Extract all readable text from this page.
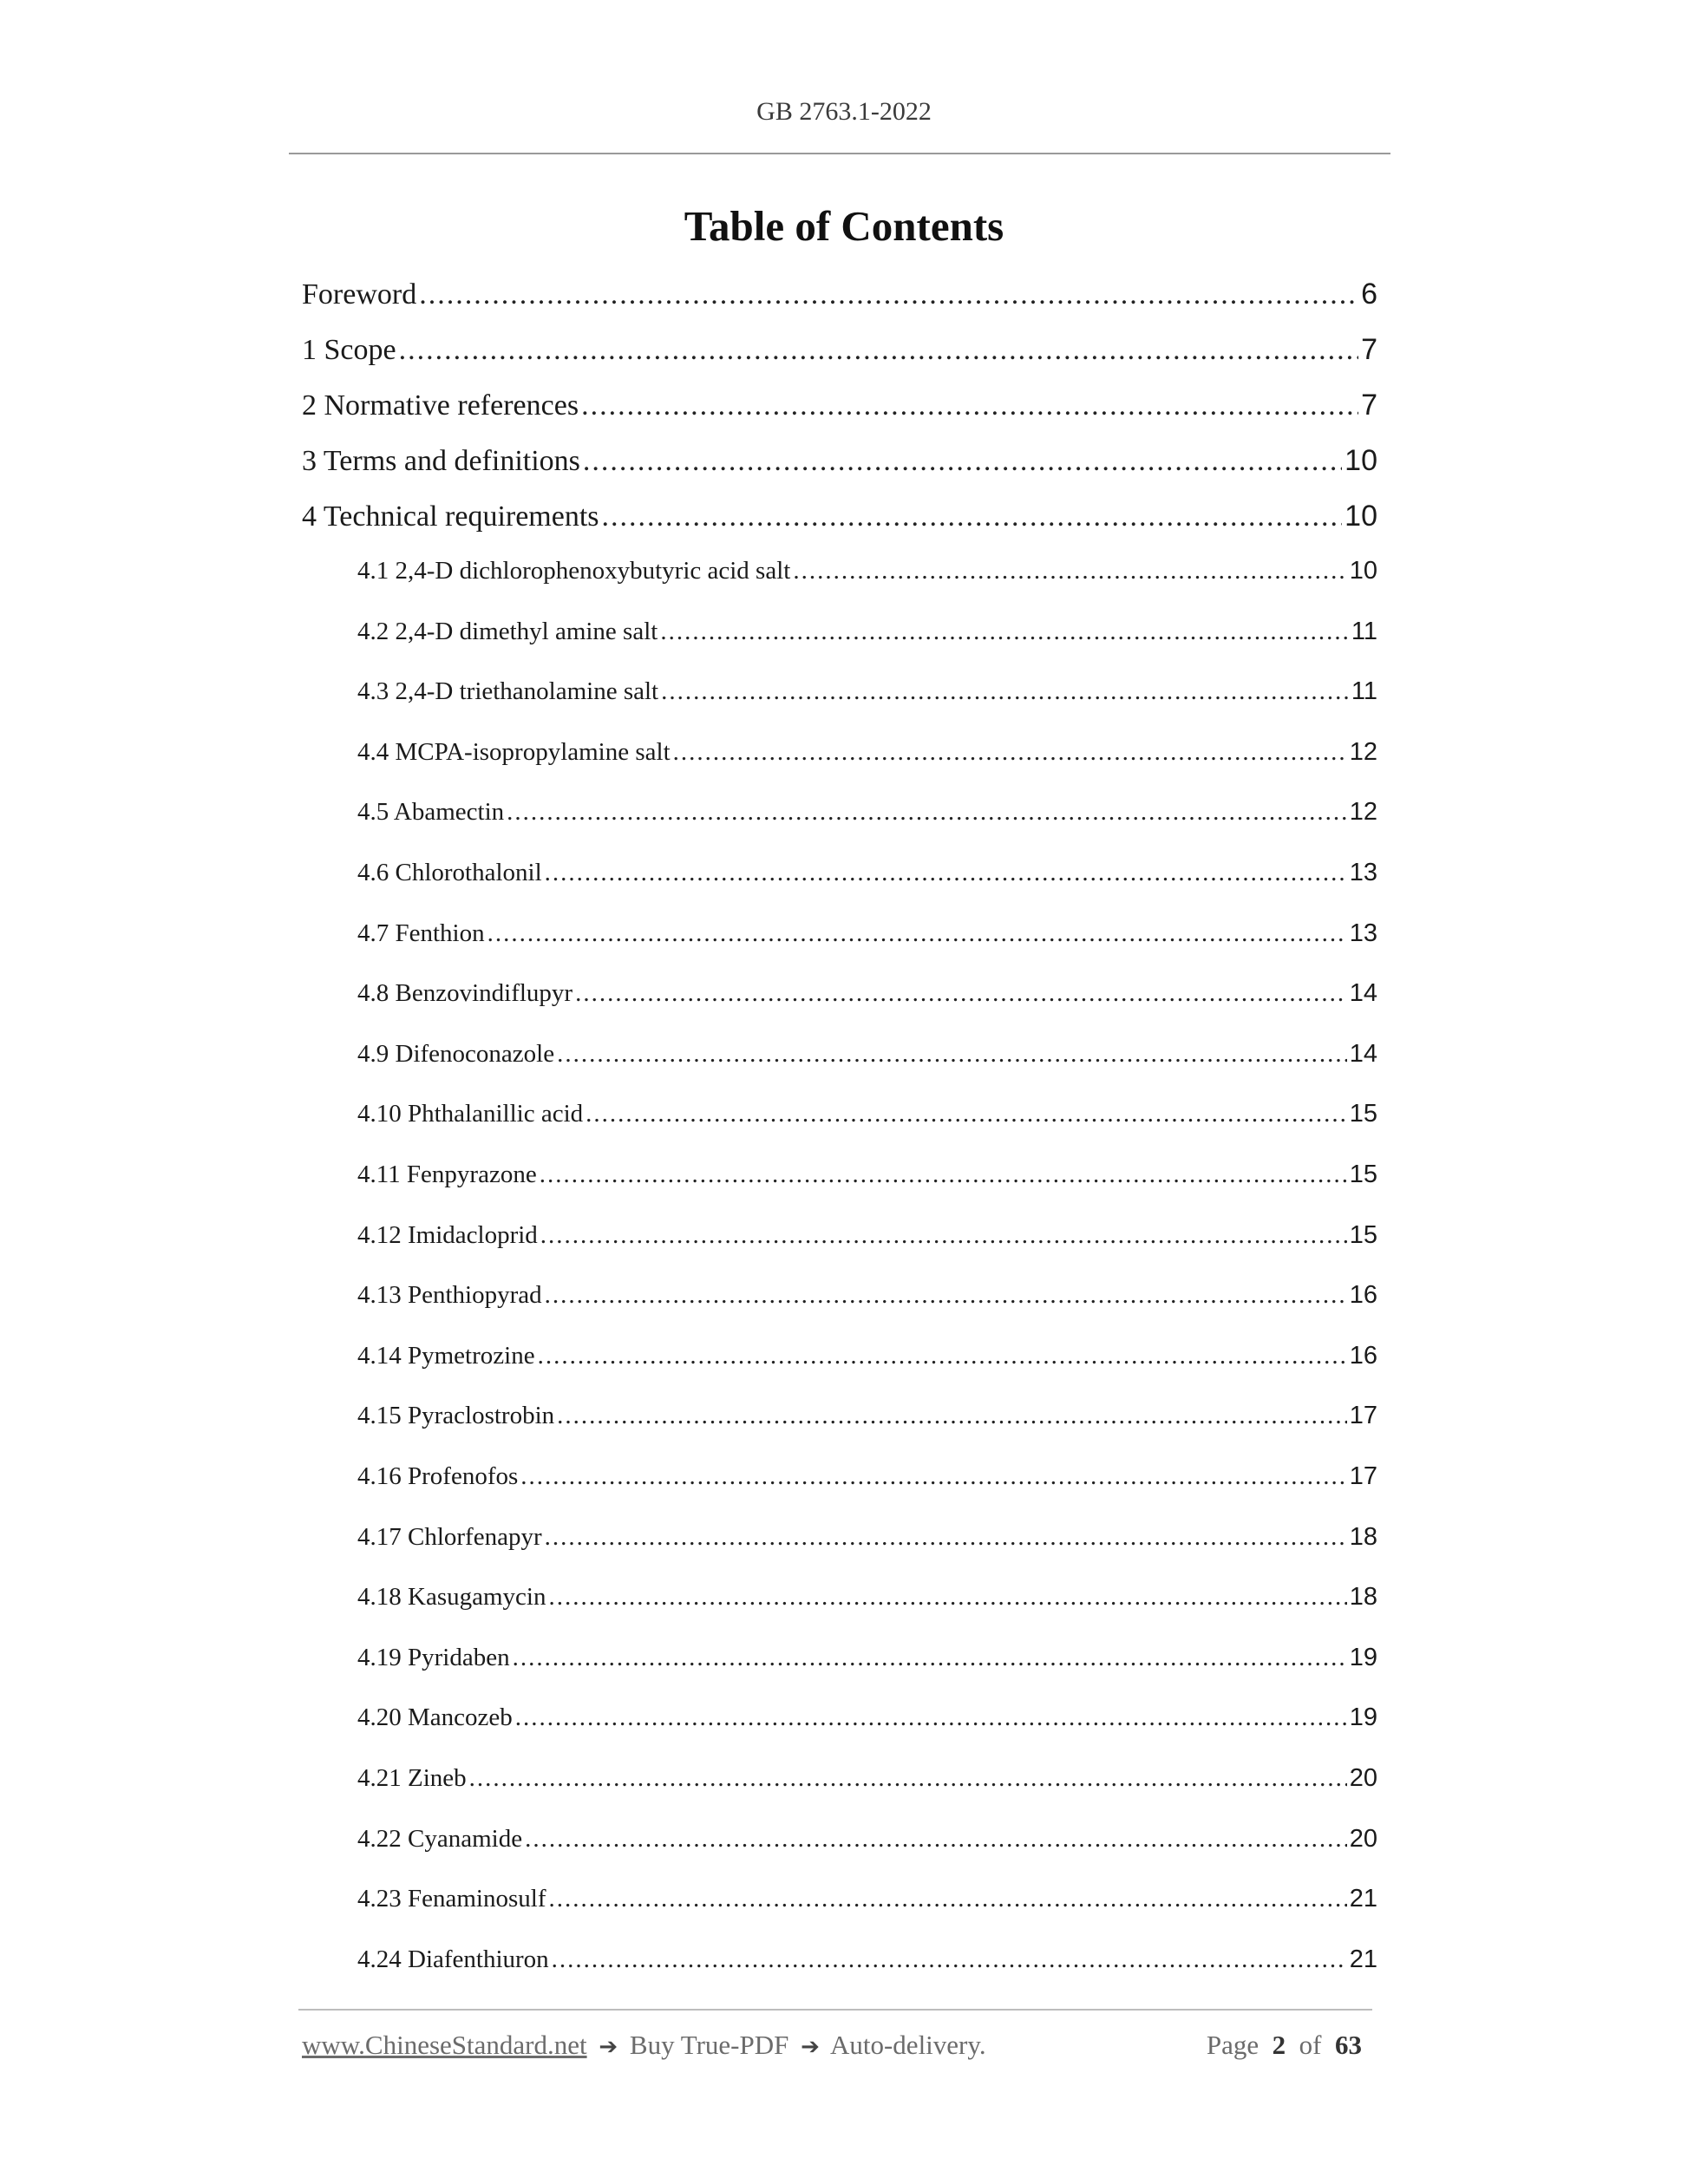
GB 2763.1-2022
Table of Contents
Foreword .....	6
1 Scope .....	7
2 Normative references .....	7
3 Terms and definitions .....	10
4 Technical requirements .....	10
4.1 2,4-D dichlorophenoxybutyric acid salt .....	10
4.2 2,4-D dimethyl amine salt .....	11
4.3 2,4-D triethanolamine salt .....	11
4.4 MCPA-isopropylamine salt .....	12
4.5 Abamectin .....	12
4.6 Chlorothalonil .....	13
4.7 Fenthion .....	13
4.8 Benzovindiflupyr .....	14
4.9 Difenoconazole .....	14
4.10 Phthalanillic acid .....	15
4.11 Fenpyrazone .....	15
4.12 Imidacloprid .....	15
4.13 Penthiopyrad .....	16
4.14 Pymetrozine .....	16
4.15 Pyraclostrobin .....	17
4.16 Profenofos .....	17
4.17 Chlorfenapyr .....	18
4.18 Kasugamycin .....	18
4.19 Pyridaben .....	19
4.20 Mancozeb .....	19
4.21 Zineb .....	20
4.22 Cyanamide .....	20
4.23 Fenaminosulf .....	21
4.24 Diafenthiuron .....	21
www.ChineseStandard.net ➔ Buy True-PDF ➔ Auto-delivery.	Page 2 of 63
